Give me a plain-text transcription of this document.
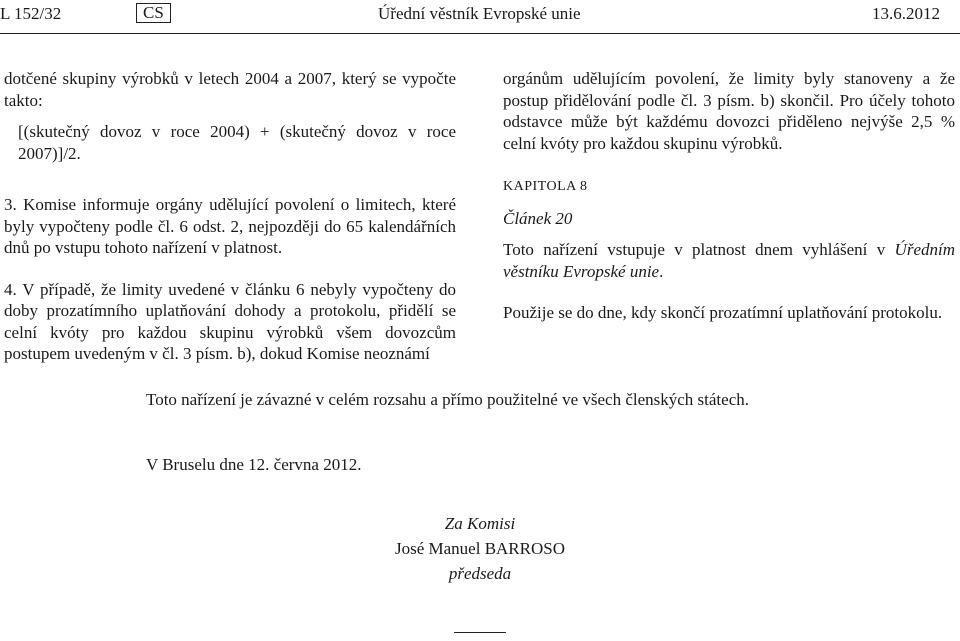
L 152/32	CS	Úřední věstník Evropské unie	13.6.2012

dotčené skupiny výrobků v letech 2004 a 2007, který se vypočte takto:

[(skutečný dovoz v roce 2004) + (skutečný dovoz v roce 2007)]/2.

3. Komise informuje orgány udělující povolení o limitech, které byly vypočteny podle čl. 6 odst. 2, nejpozději do 65 kalendářních dnů po vstupu tohoto nařízení v platnost.

4. V případě, že limity uvedené v článku 6 nebyly vypočteny do doby prozatímního uplatňování dohody a protokolu, přidělí se celní kvóty pro každou skupinu výrobků všem dovozcům postupem uvedeným v čl. 3 písm. b), dokud Komise neoznámí

orgánům udělujícím povolení, že limity byly stanoveny a že postup přidělování podle čl. 3 písm. b) skončil. Pro účely tohoto odstavce může být každému dovozci přiděleno nejvýše 2,5 % celní kvóty pro každou skupinu výrobků.

KAPITOLA 8

Článek 20

Toto nařízení vstupuje v platnost dnem vyhlášení v Úředním věstníku Evropské unie.

Použije se do dne, kdy skončí prozatímní uplatňování protokolu.

Toto nařízení je závazné v celém rozsahu a přímo použitelné ve všech členských státech.
V Bruselu dne 12. června 2012.
Za Komisi
José Manuel BARROSO
předseda
